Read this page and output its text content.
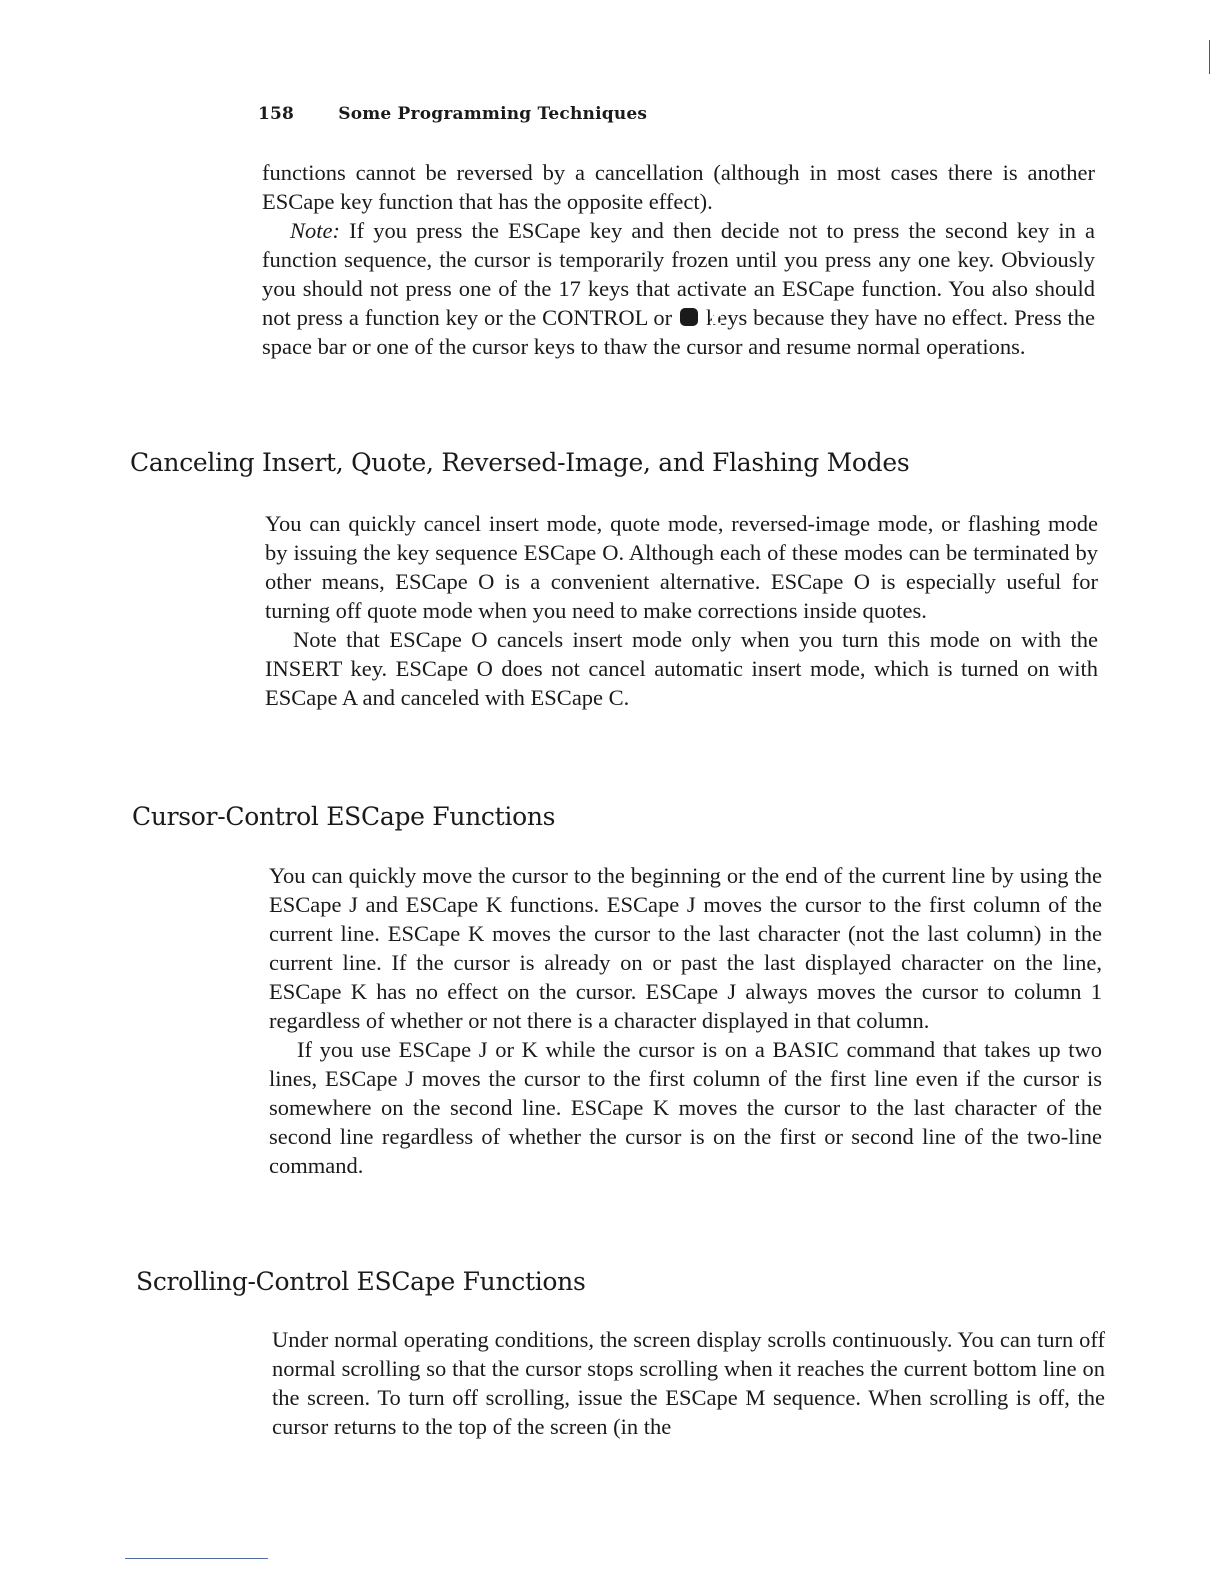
158	Some Programming Techniques

functions cannot be reversed by a cancellation (although in most cases there is another ESCape key function that has the opposite effect).

Note: If you press the ESCape key and then decide not to press the second key in a function sequence, the cursor is temporarily frozen until you press any one key. Obviously you should not press one of the 17 keys that activate an ESCape function. You also should not press a function key or the CONTROL or C keys because they have no effect. Press the space bar or one of the cursor keys to thaw the cursor and resume normal operations.

Canceling Insert, Quote, Reversed-Image, and Flashing Modes

You can quickly cancel insert mode, quote mode, reversed-image mode, or flashing mode by issuing the key sequence ESCape O. Although each of these modes can be terminated by other means, ESCape O is a convenient alternative. ESCape O is especially useful for turning off quote mode when you need to make corrections inside quotes.

Note that ESCape O cancels insert mode only when you turn this mode on with the INSERT key. ESCape O does not cancel automatic insert mode, which is turned on with ESCape A and canceled with ESCape C.

Cursor-Control ESCape Functions

You can quickly move the cursor to the beginning or the end of the current line by using the ESCape J and ESCape K functions. ESCape J moves the cursor to the first column of the current line. ESCape K moves the cursor to the last character (not the last column) in the current line. If the cursor is already on or past the last displayed character on the line, ESCape K has no effect on the cursor. ESCape J always moves the cursor to column 1 regardless of whether or not there is a character displayed in that column.

If you use ESCape J or K while the cursor is on a BASIC command that takes up two lines, ESCape J moves the cursor to the first column of the first line even if the cursor is somewhere on the second line. ESCape K moves the cursor to the last character of the second line regardless of whether the cursor is on the first or second line of the two-line command.

Scrolling-Control ESCape Functions

Under normal operating conditions, the screen display scrolls continuously. You can turn off normal scrolling so that the cursor stops scrolling when it reaches the current bottom line on the screen. To turn off scrolling, issue the ESCape M sequence. When scrolling is off, the cursor returns to the top of the screen (in the
